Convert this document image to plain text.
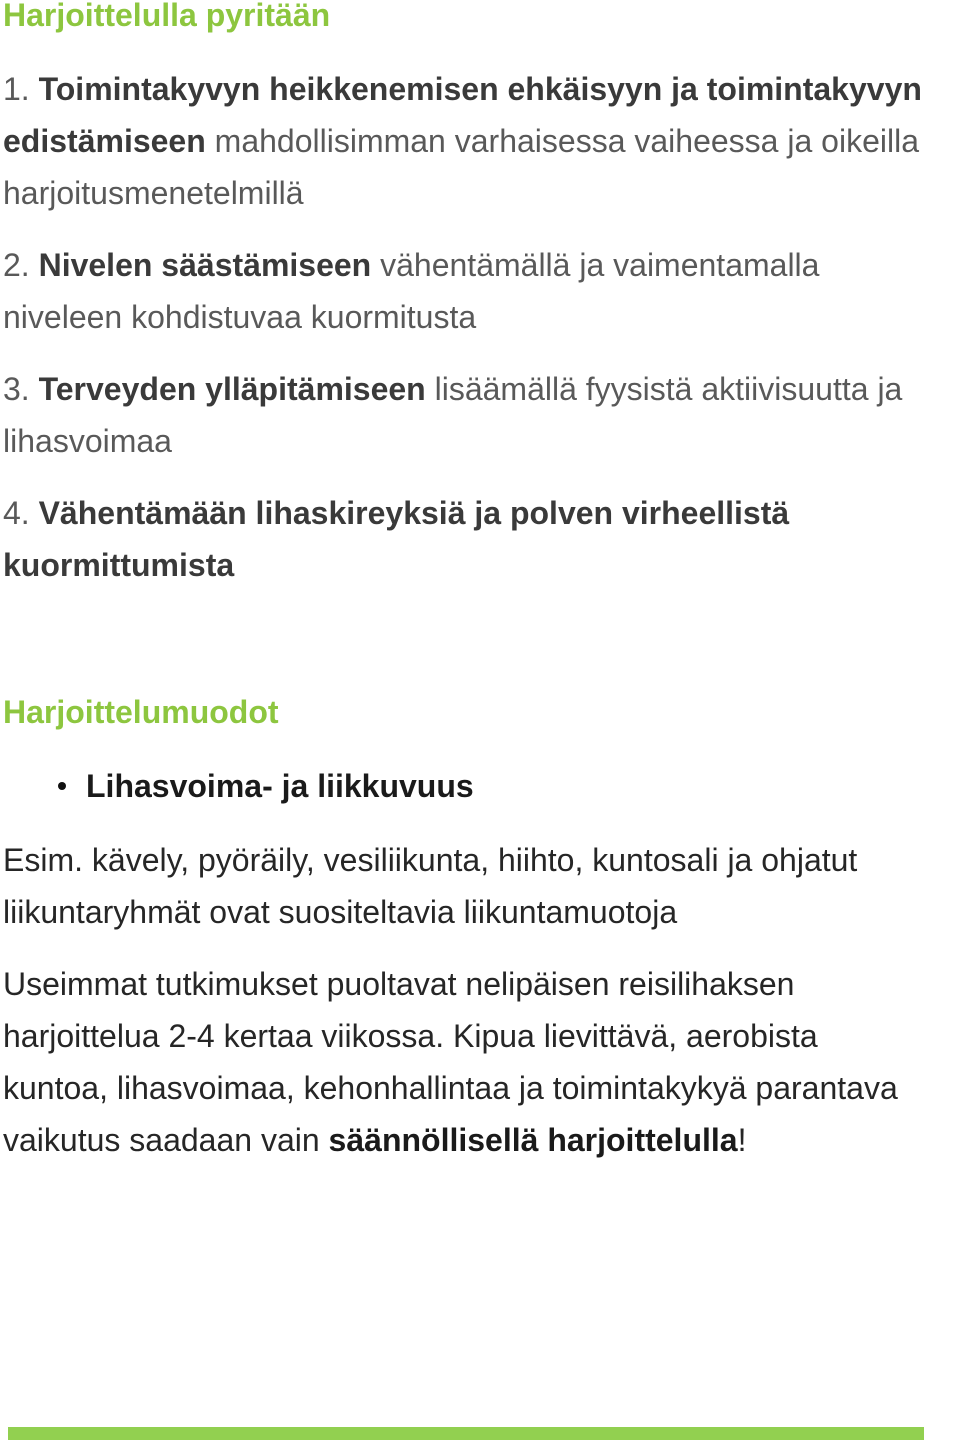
Harjoittelulla pyritään
1. Toimintakyvyn heikkenemisen ehkäisyyn ja toimintakyvyn
edistämiseen mahdollisimman varhaisessa vaiheessa ja oikeilla
harjoitusmenetelmillä
2. Nivelen säästämiseen vähentämällä ja vaimentamalla
niveleen kohdistuvaa kuormitusta
3. Terveyden ylläpitämiseen lisäämällä fyysistä aktiivisuutta ja
lihasvoimaa
4. Vähentämään lihaskireyksiä ja polven virheellistä
kuormittumista
Harjoittelumuodot
Lihasvoima- ja liikkuvuus
Esim. kävely, pyöräily, vesiliikunta, hiihto, kuntosali ja ohjatut
liikuntaryhmät ovat suositeltavia liikuntamuotoja
Useimmat tutkimukset puoltavat nelipäisen reisilihaksen
harjoittelua 2-4 kertaa viikossa. Kipua lievittävä, aerobista
kuntoa, lihasvoimaa, kehonhallintaa ja toimintakykyä parantava
vaikutus saadaan vain säännöllisellä harjoittelulla!
